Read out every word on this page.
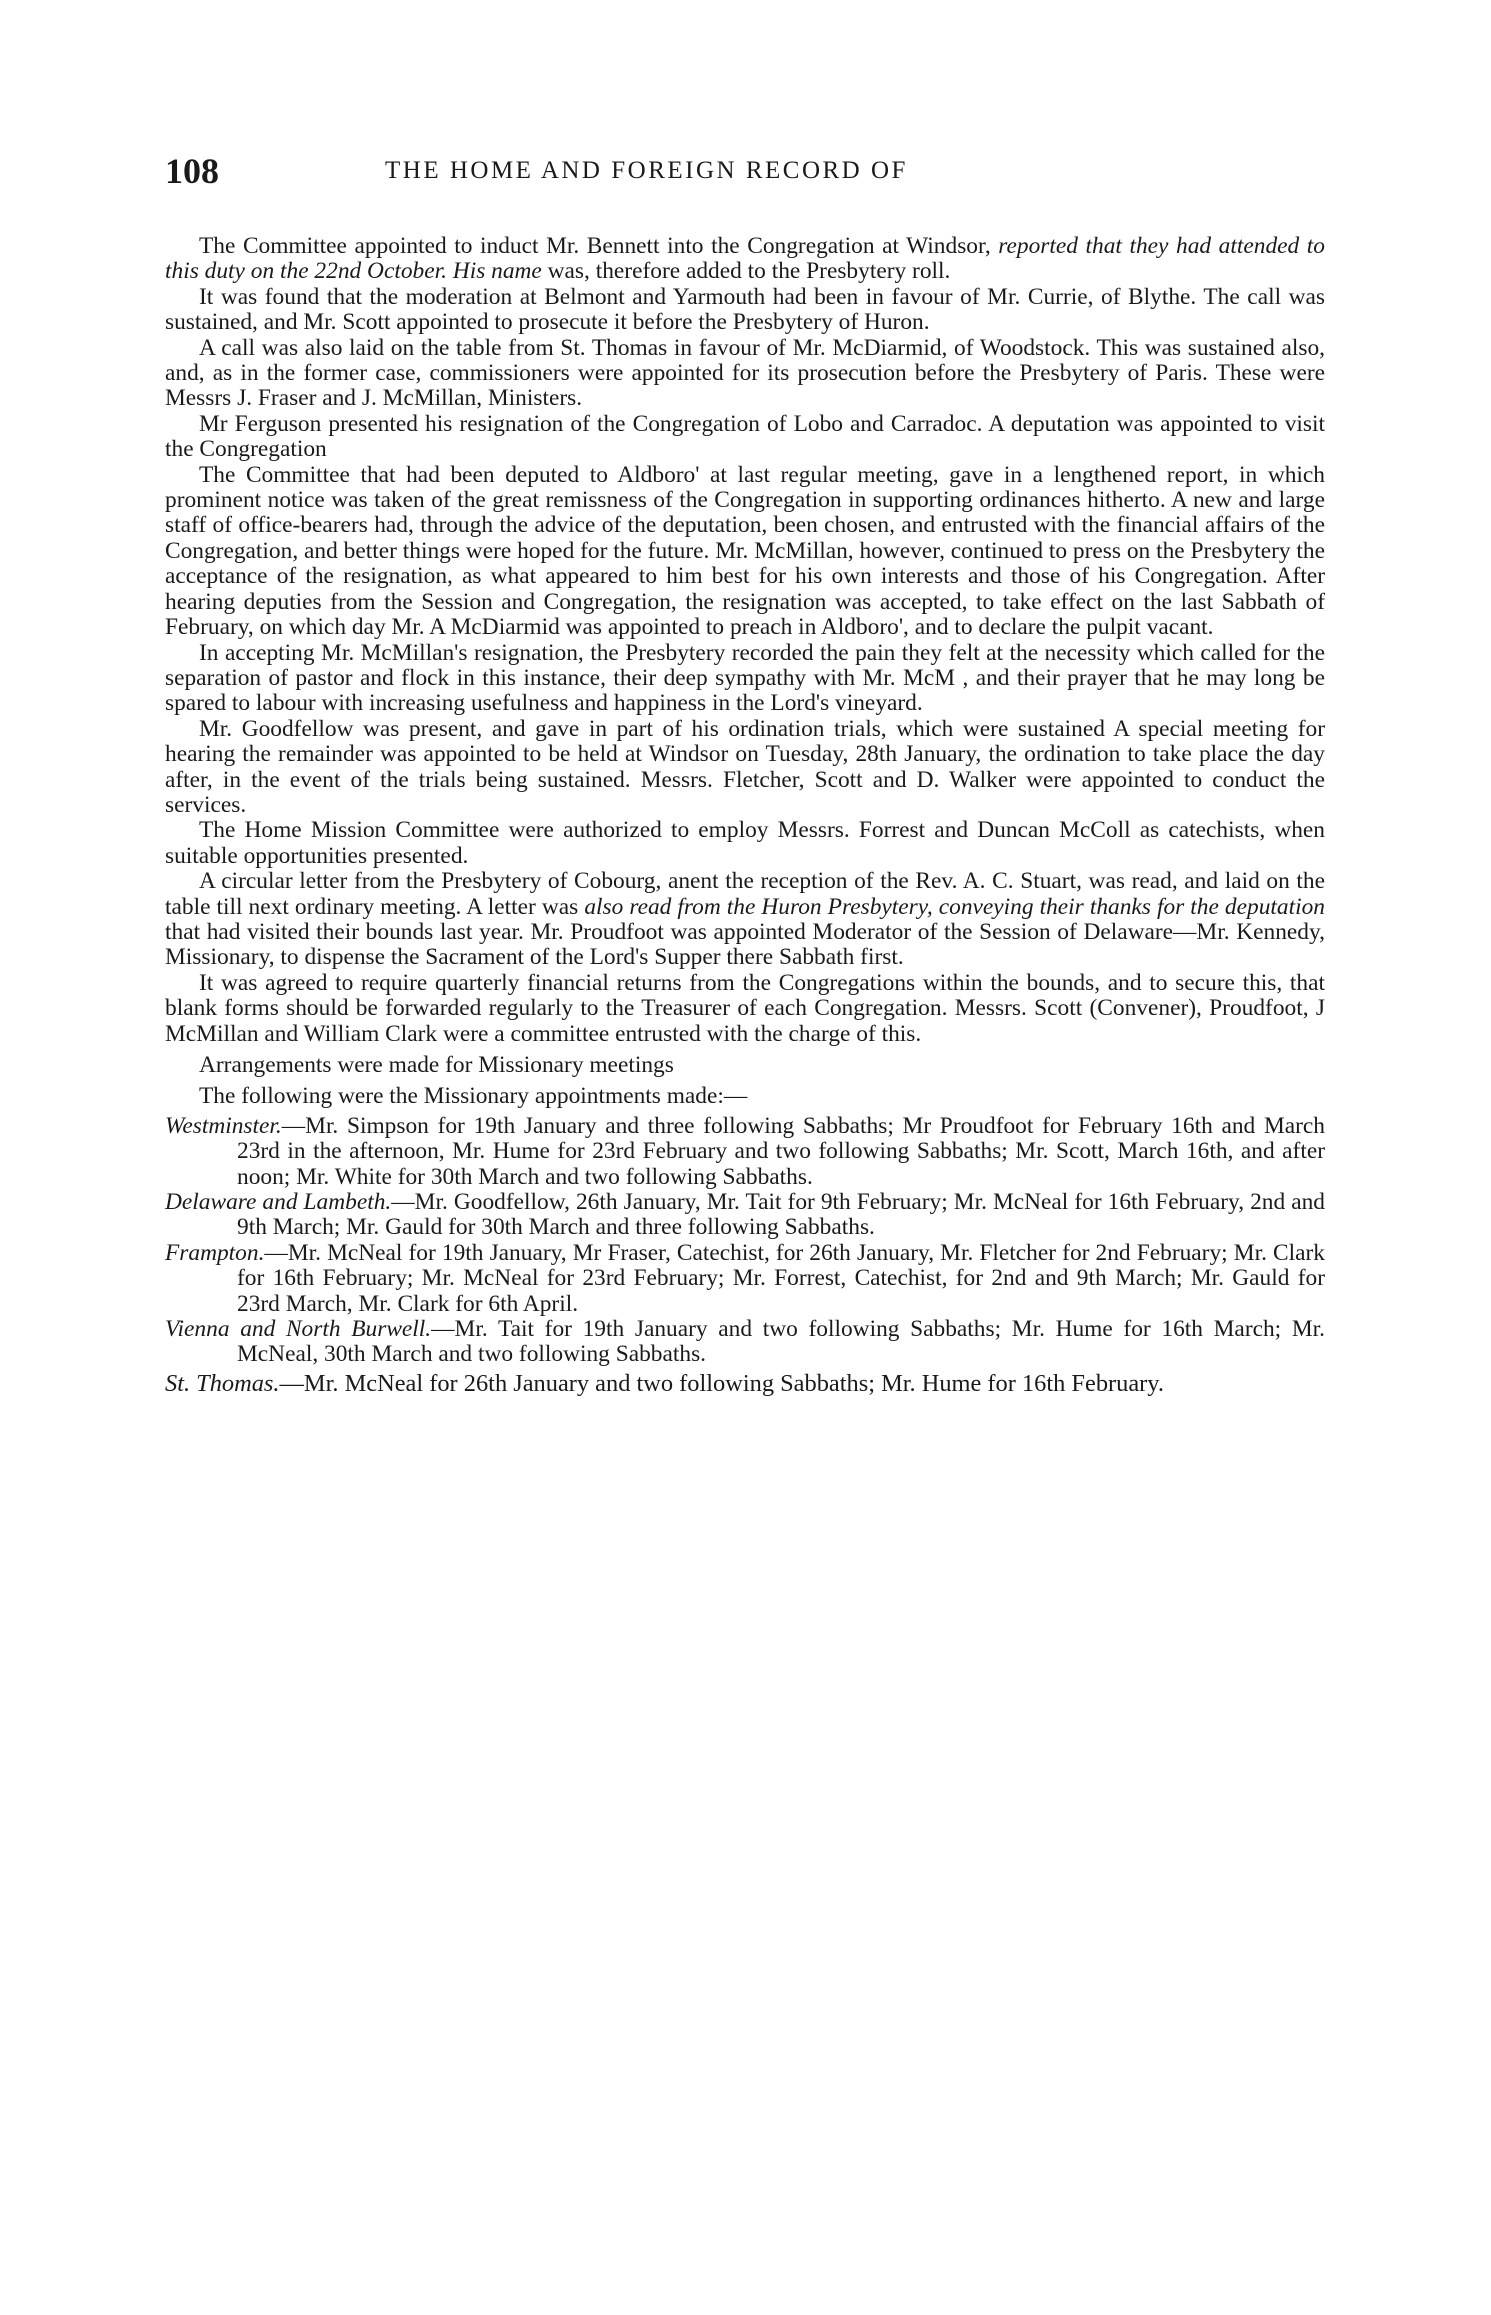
108	THE HOME AND FOREIGN RECORD OF

The Committee appointed to induct Mr. Bennett into the Congregation at Windsor, reported that they had attended to this duty on the 22nd October. His name was, therefore added to the Presbytery roll.

It was found that the moderation at Belmont and Yarmouth had been in favour of Mr. Currie, of Blythe. The call was sustained, and Mr. Scott appointed to prosecute it before the Presbytery of Huron.

A call was also laid on the table from St. Thomas in favour of Mr. McDiarmid, of Woodstock. This was sustained also, and, as in the former case, commissioners were appointed for its prosecution before the Presbytery of Paris. These were Messrs J. Fraser and J. McMillan, Ministers.

Mr Ferguson presented his resignation of the Congregation of Lobo and Carradoc. A deputation was appointed to visit the Congregation

The Committee that had been deputed to Aldboro' at last regular meeting, gave in a lengthened report, in which prominent notice was taken of the great remissness of the Congregation in supporting ordinances hitherto. A new and large staff of office-bearers had, through the advice of the deputation, been chosen, and entrusted with the financial affairs of the Congregation, and better things were hoped for the future. Mr. McMillan, however, continued to press on the Presbytery the acceptance of the resignation, as what appeared to him best for his own interests and those of his Congregation. After hearing deputies from the Session and Congregation, the resignation was accepted, to take effect on the last Sabbath of February, on which day Mr. A McDiarmid was appointed to preach in Aldboro', and to declare the pulpit vacant.

In accepting Mr. McMillan's resignation, the Presbytery recorded the pain they felt at the necessity which called for the separation of pastor and flock in this instance, their deep sympathy with Mr. McM , and their prayer that he may long be spared to labour with increasing usefulness and happiness in the Lord's vineyard.

Mr. Goodfellow was present, and gave in part of his ordination trials, which were sustained A special meeting for hearing the remainder was appointed to be held at Windsor on Tuesday, 28th January, the ordination to take place the day after, in the event of the trials being sustained. Messrs. Fletcher, Scott and D. Walker were appointed to conduct the services.

The Home Mission Committee were authorized to employ Messrs. Forrest and Duncan McColl as catechists, when suitable opportunities presented.

A circular letter from the Presbytery of Cobourg, anent the reception of the Rev. A. C. Stuart, was read, and laid on the table till next ordinary meeting. A letter was also read from the Huron Presbytery, conveying their thanks for the deputation that had visited their bounds last year. Mr. Proudfoot was appointed Moderator of the Session of Delaware—Mr. Kennedy, Missionary, to dispense the Sacrament of the Lord's Supper there Sabbath first.

It was agreed to require quarterly financial returns from the Congregations within the bounds, and to secure this, that blank forms should be forwarded regularly to the Treasurer of each Congregation. Messrs. Scott (Convener), Proudfoot, J McMillan and William Clark were a committee entrusted with the charge of this.

Arrangements were made for Missionary meetings

The following were the Missionary appointments made:—

Westminster.—Mr. Simpson for 19th January and three following Sabbaths; Mr Proudfoot for February 16th and March 23rd in the afternoon, Mr. Hume for 23rd February and two following Sabbaths; Mr. Scott, March 16th, and after noon; Mr. White for 30th March and two following Sabbaths.

Delaware and Lambeth.—Mr. Goodfellow, 26th January, Mr. Tait for 9th February; Mr. McNeal for 16th February, 2nd and 9th March; Mr. Gauld for 30th March and three following Sabbaths.

Frampton.—Mr. McNeal for 19th January, Mr Fraser, Catechist, for 26th January, Mr. Fletcher for 2nd February; Mr. Clark for 16th February; Mr. McNeal for 23rd February; Mr. Forrest, Catechist, for 2nd and 9th March; Mr. Gauld for 23rd March, Mr. Clark for 6th April.

Vienna and North Burwell.—Mr. Tait for 19th January and two following Sabbaths; Mr. Hume for 16th March; Mr. McNeal, 30th March and two following Sabbaths.

St. Thomas.—Mr. McNeal for 26th January and two following Sabbaths; Mr. Hume for 16th February.
